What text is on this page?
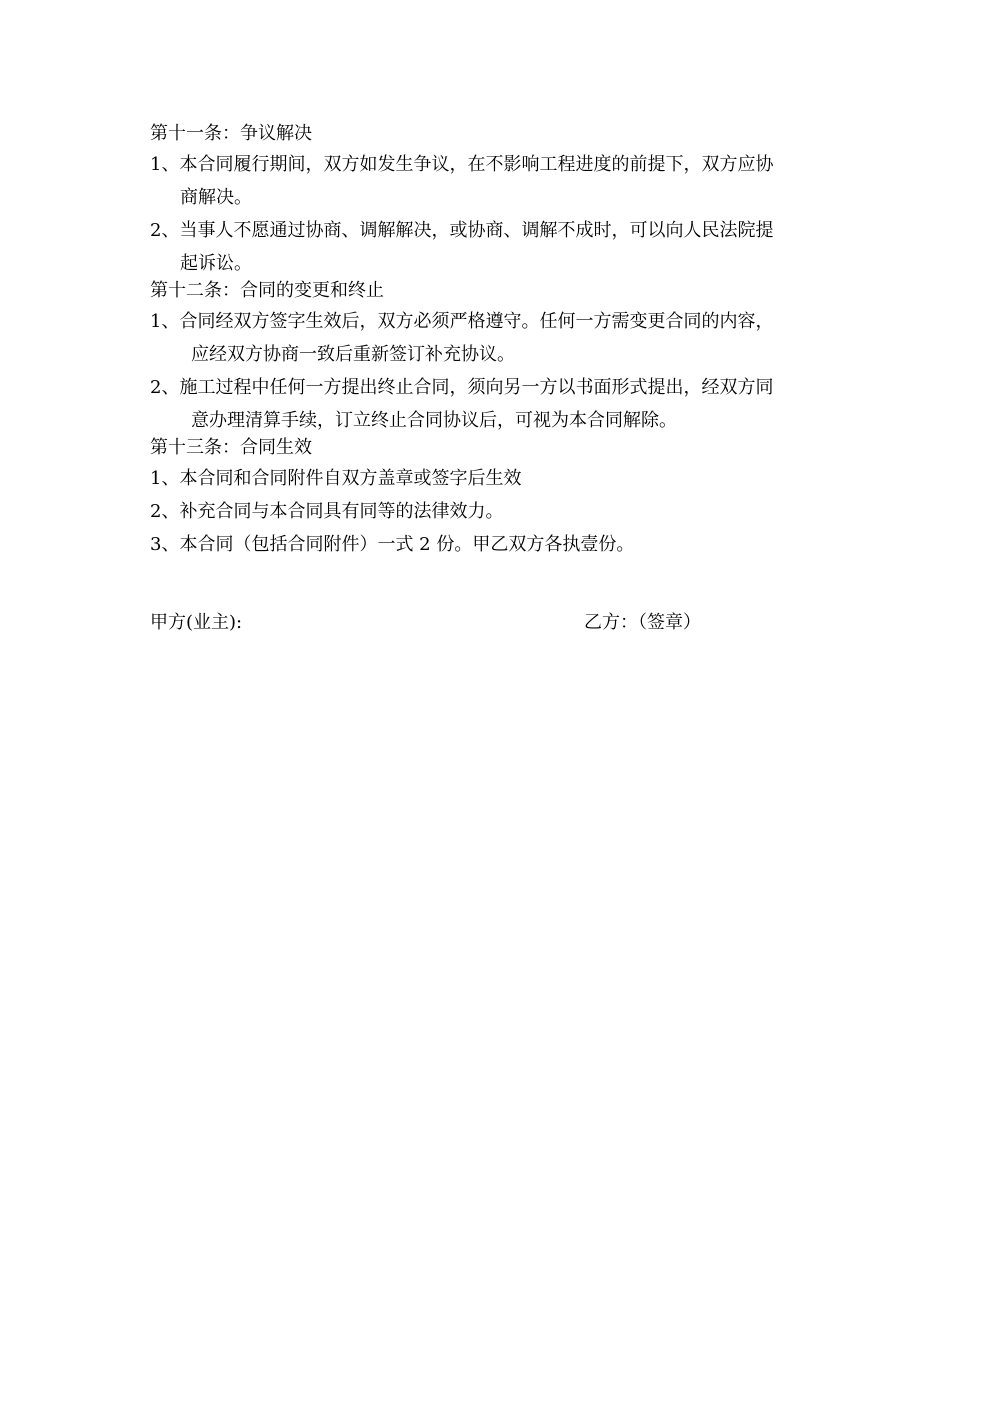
第十一条：争议解决
1、本合同履行期间，双方如发生争议，在不影响工程进度的前提下，双方应协
商解决。
2、当事人不愿通过协商、调解解决，或协商、调解不成时，可以向人民法院提
起诉讼。
第十二条：合同的变更和终止
1、合同经双方签字生效后，双方必须严格遵守。任何一方需变更合同的内容，
应经双方协商一致后重新签订补充协议。
2、施工过程中任何一方提出终止合同，须向另一方以书面形式提出，经双方同
意办理清算手续，订立终止合同协议后，可视为本合同解除。
第十三条：合同生效
1、本合同和合同附件自双方盖章或签字后生效
2、补充合同与本合同具有同等的法律效力。
3、本合同（包括合同附件）一式 2 份。甲乙双方各执壹份。
甲方(业主):	乙方：（签章）
